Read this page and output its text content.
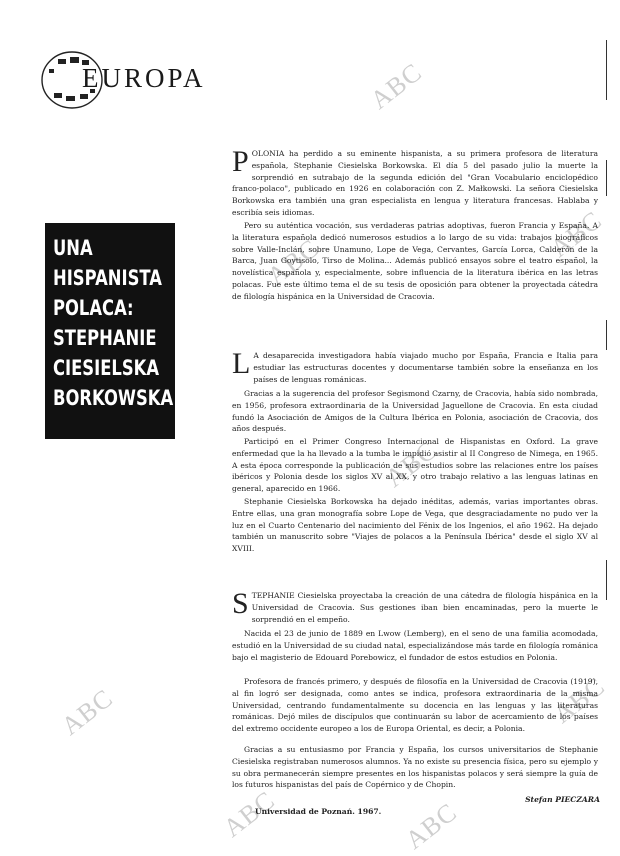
ABC
ABC
ABC
ABC
ABC	ABC
ABC	ABC
EUROPA
UNA
HISPANISTA
POLACA:
STEPHANIE
CIESIELSKA
BORKOWSKA
POLONIA ha perdido a su eminente hispanista, a su primera profesora de literatura española, Stephanie Ciesielska Borkowska. El día 5 del pasado julio la muerte la sorprendió en sutrabajo de la segunda edición del "Gran Vocabulario enciclopédico franco-polaco", publicado en 1926 en colaboración con Z. Małkowski. La señora Ciesielska Borkowska era también una gran especialista en lengua y literatura francesas. Hablaba y escribía seis idiomas.
Pero su auténtica vocación, sus verdaderas patrias adoptivas, fueron Francia y España. A la literatura española dedicó numerosos estudios a lo largo de su vida: trabajos biográficos sobre Valle-Inclán, sobre Unamuno, Lope de Vega, Cervantes, García Lorca, Calderón de la Barca, Juan Goytisolo, Tirso de Molina... Además publicó ensayos sobre el teatro español, la novelística española y, especialmente, sobre influencia de la literatura ibérica en las letras polacas. Fue este último tema el de su tesis de oposición para obtener la proyectada cátedra de filología hispánica en la Universidad de Cracovia.
L A desaparecida investigadora había viajado mucho por España, Francia e Italia para estudiar las estructuras docentes y documentarse también sobre la enseñanza en los países de lenguas románicas.
Gracias a la sugerencia del profesor Segismond Czarny, de Cracovia, había sido nombrada, en 1956, profesora extraordinaria de la Universidad Jaguellone de Cracovia. En esta ciudad fundó la Asociación de Amigos de la Cultura Ibérica en Polonia, asociación de Cracovia, dos años después.
Participó en el Primer Congreso Internacional de Hispanistas en Oxford. La grave enfermedad que la ha llevado a la tumba le impidió asistir al II Congreso de Nimega, en 1965. A esta época corresponde la publicación de sus estudios sobre las relaciones entre los países ibéricos y Polonia desde los siglos XV al XX, y otro trabajo relativo a las lenguas latinas en general, aparecido en 1966.
Stephanie Ciesielska Borkowska ha dejado inéditas, además, varias importantes obras. Entre ellas, una gran monografía sobre Lope de Vega, que desgraciadamente no pudo ver la luz en el Cuarto Centenario del nacimiento del Fénix de los Ingenios, el año 1962. Ha dejado también un manuscrito sobre "Viajes de polacos a la Península Ibérica" desde el siglo XV al XVIII.
STEPHANIE Ciesielska proyectaba la creación de una cátedra de filología hispánica en la Universidad de Cracovia. Sus gestiones iban bien encaminadas, pero la muerte le sorprendió en el empeño.
Nacida el 23 de junio de 1889 en Lwow (Lemberg), en el seno de una familia acomodada, estudió en la Universidad de su ciudad natal, especializándose más tarde en filología románica bajo el magisterio de Edouard Porebowicz, el fundador de estos estudios en Polonia.
Profesora de francés primero, y después de filosofía en la Universidad de Cracovia (1919), al fin logró ser designada, como antes se indica, profesora extraordinaria de la misma Universidad, centrando fundamentalmente su docencia en las lenguas y las literaturas románicas. Dejó miles de discípulos que continuarán su labor de acercamiento de los países del extremo occidente europeo a los de Europa Oriental, es decir, a Polonia.
Gracias a su entusiasmo por Francia y España, los cursos universitarios de Stephanie Ciesielska registraban numerosos alumnos. Ya no existe su presencia física, pero su ejemplo y su obra permanecerán siempre presentes en los hispanistas polacos y será siempre la guía de los futuros hispanistas del país de Copérnico y de Chopin.
Stefan PIECZARA
Universidad de Poznań. 1967.
